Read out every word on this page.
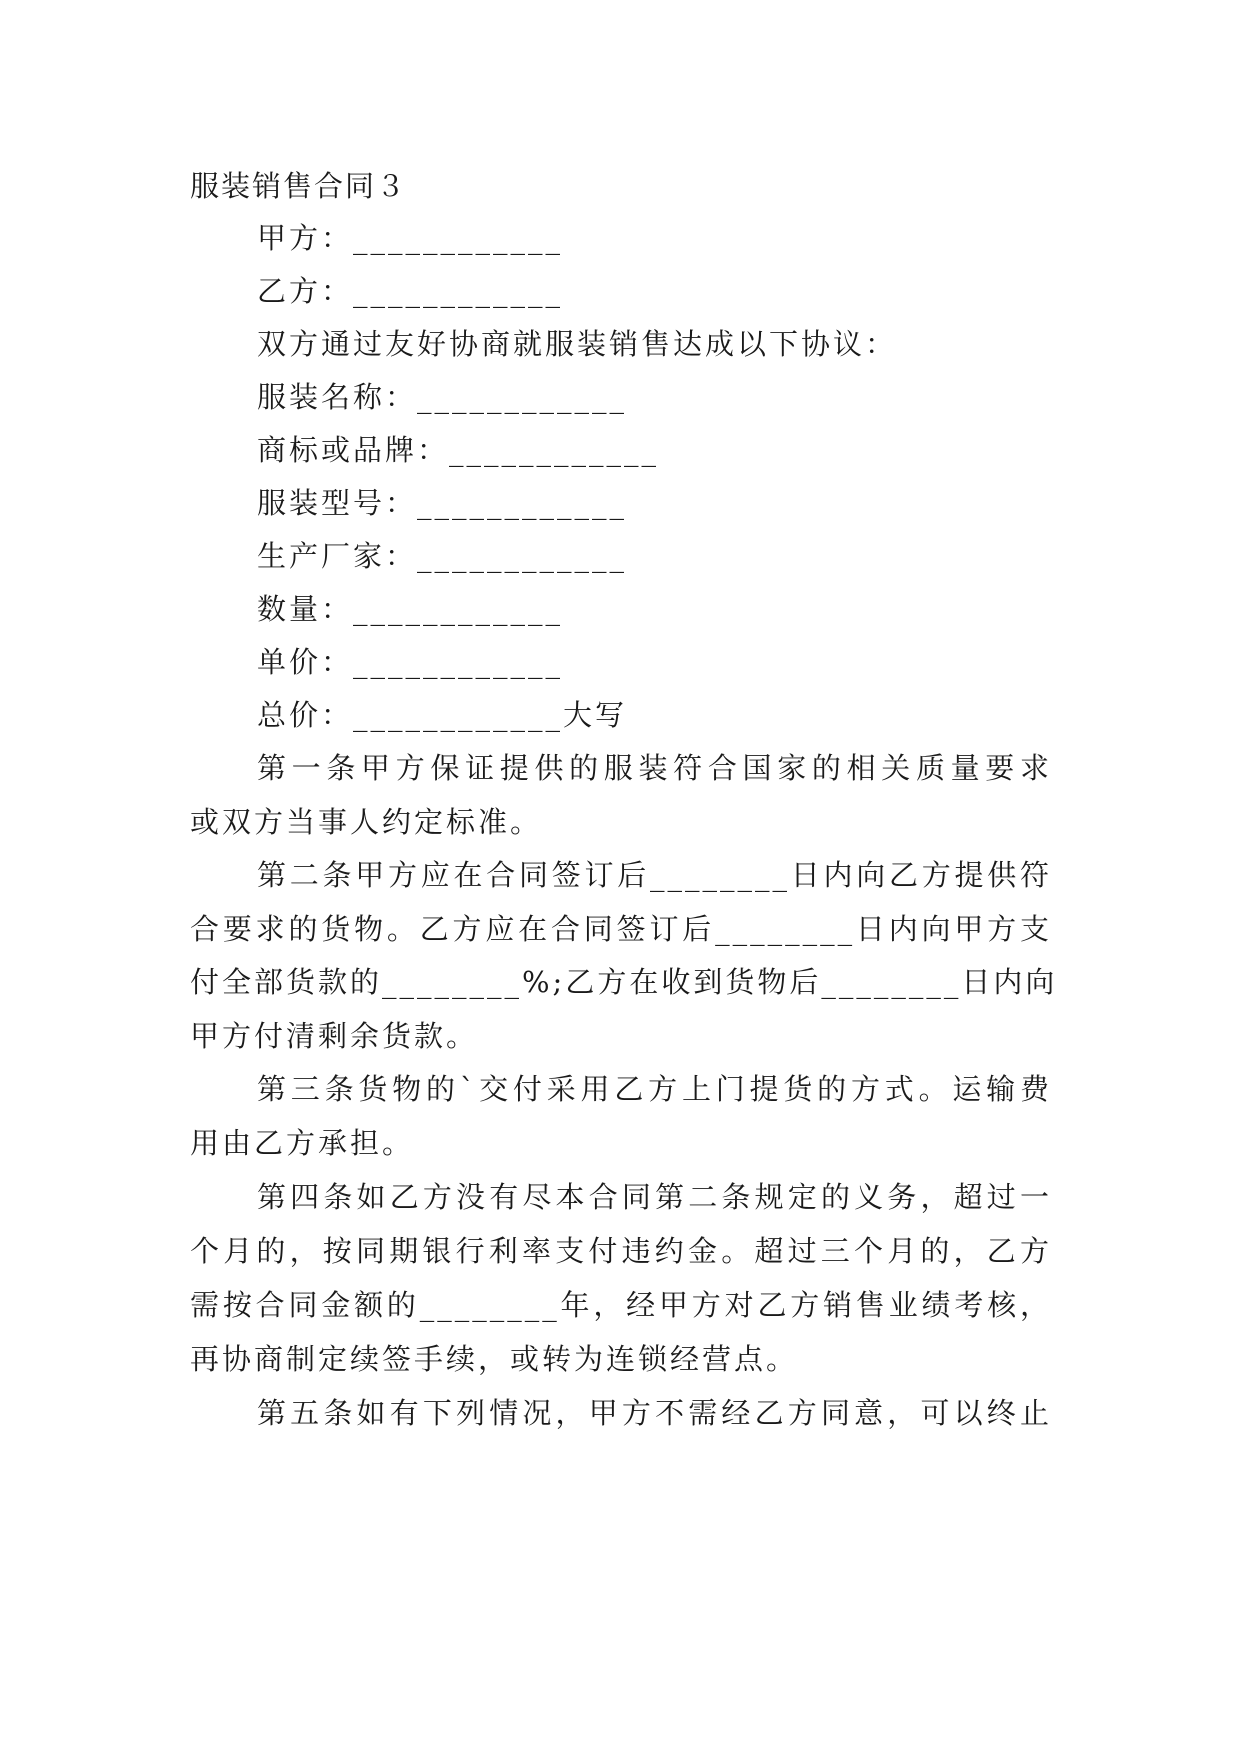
服装销售合同３
甲方：____________
乙方：____________
双方通过友好协商就服装销售达成以下协议：
服装名称：____________
商标或品牌：____________
服装型号：____________
生产厂家：____________
数量：____________
单价：____________
总价：____________大写
第一条甲方保证提供的服装符合国家的相关质量要求
或双方当事人约定标准。
第二条甲方应在合同签订后________日内向乙方提供符
合要求的货物。乙方应在合同签订后________日内向甲方支
付全部货款的________%;乙方在收到货物后________日内向
甲方付清剩余货款。
第三条货物的`交付采用乙方上门提货的方式。运输费
用由乙方承担。
第四条如乙方没有尽本合同第二条规定的义务，超过一
个月的，按同期银行利率支付违约金。超过三个月的，乙方
需按合同金额的________年，经甲方对乙方销售业绩考核，
再协商制定续签手续，或转为连锁经营点。
第五条如有下列情况，甲方不需经乙方同意，可以终止
